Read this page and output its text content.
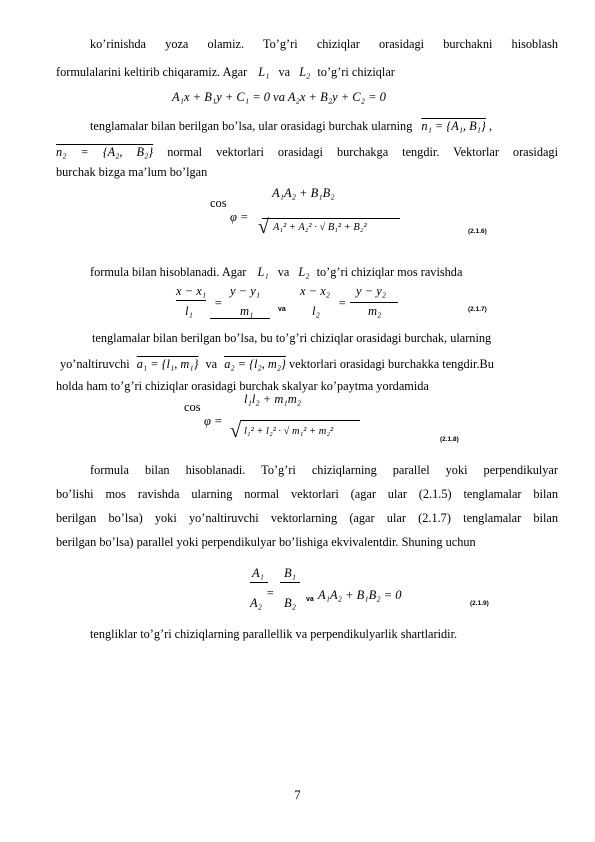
ko’rinishda yoza olamiz. To’g’ri chiziqlar orasidagi burchakni hisoblash
formulalarini keltirib chiqaramiz. Agar L₁ va L₂ to’g’ri chiziqlar
A₁x + B₁y + C₁ = 0 va A₂x + B₂y + C₂ = 0
tenglamalar bilan berilgan bo’lsa, ular orasidagi burchak ularning n₁ = {A₁, B₁} ,
n₂ = {A₂, B₂} normal vektorlari orasidagi burchakga tengdir. Vektorlar orasidagi
burchak bizga ma’lum bo’lgan
cos
φ =
A₁A₂ + B₁B₂
√ A₁² + A₂² · √ B₁² + B₂²	(2.1.6)
formula bilan hisoblanadi. Agar L₁ va L₂ to’g’ri chiziqlar mos ravishda
x − x₁
l₁
=
y − y₁
m₁	va
x − x₂
l₂
=
y − y₂
m₂	(2.1.7)
tenglamalar bilan berilgan bo’lsa, bu to’g’ri chiziqlar orasidagi burchak, ularning
yo’naltiruvchi a₁ = {l₁, m₁} va a₂ = {l₂, m₂} vektorlari orasidagi burchakka tengdir.Bu
holda ham to’g’ri chiziqlar orasidagi burchak skalyar ko’paytma yordamida
cos
φ =
l₁l₂ + m₁m₂
√ l₁² + l₂² · √ m₁² + m₂²
(2.1.8)
formula bilan hisoblanadi. To’g’ri chiziqlarning parallel yoki perpendikulyar
bo’lishi mos ravishda ularning normal vektorlari (agar ular (2.1.5) tenglamalar bilan
berilgan bo’lsa) yoki yo’naltiruvchi vektorlarning (agar ular (2.1.7) tenglamalar bilan
berilgan bo’lsa) parallel yoki perpendikulyar bo’lishiga ekvivalentdir. Shuning uchun
A₁ B₁
=
A₂ B₂ va A₁A₂ + B₁B₂ = 0
(2.1.9)
tengliklar to’g’ri chiziqlarning parallellik va perpendikulyarlik shartlaridir.
7
